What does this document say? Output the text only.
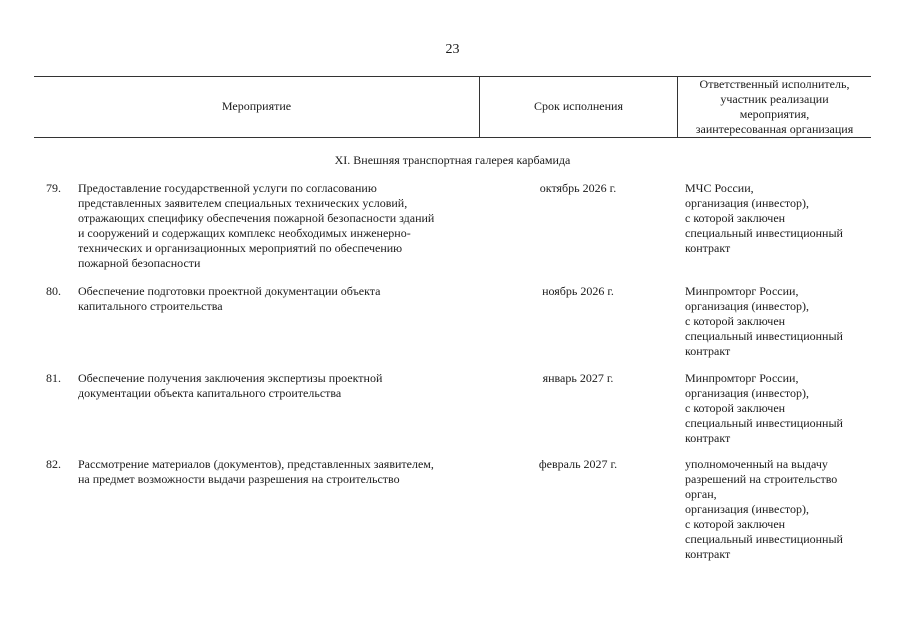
23
Мероприятие	Срок исполнения
Ответственный исполнитель,
участник реализации
мероприятия,
заинтересованная организация
XI. Внешняя транспортная галерея карбамида
79. Предоставление государственной услуги по согласованию
представленных заявителем специальных технических условий,
отражающих специфику обеспечения пожарной безопасности зданий
и сооружений и содержащих комплекс необходимых инженерно-
технических и организационных мероприятий по обеспечению
пожарной безопасности
октябрь 2026 г.	МЧС России,
организация (инвестор),
с которой заключен
специальный инвестиционный
контракт
80. Обеспечение подготовки проектной документации объекта
капитального строительства
ноябрь 2026 г.	Минпромторг России,
организация (инвестор),
с которой заключен
специальный инвестиционный
контракт
81. Обеспечение получения заключения экспертизы проектной
документации объекта капитального строительства
январь 2027 г.	Минпромторг России,
организация (инвестор),
с которой заключен
специальный инвестиционный
контракт
82. Рассмотрение материалов (документов), представленных заявителем,
на предмет возможности выдачи разрешения на строительство
февраль 2027 г.	уполномоченный на выдачу
разрешений на строительство
орган,
организация (инвестор),
с которой заключен
специальный инвестиционный
контракт
